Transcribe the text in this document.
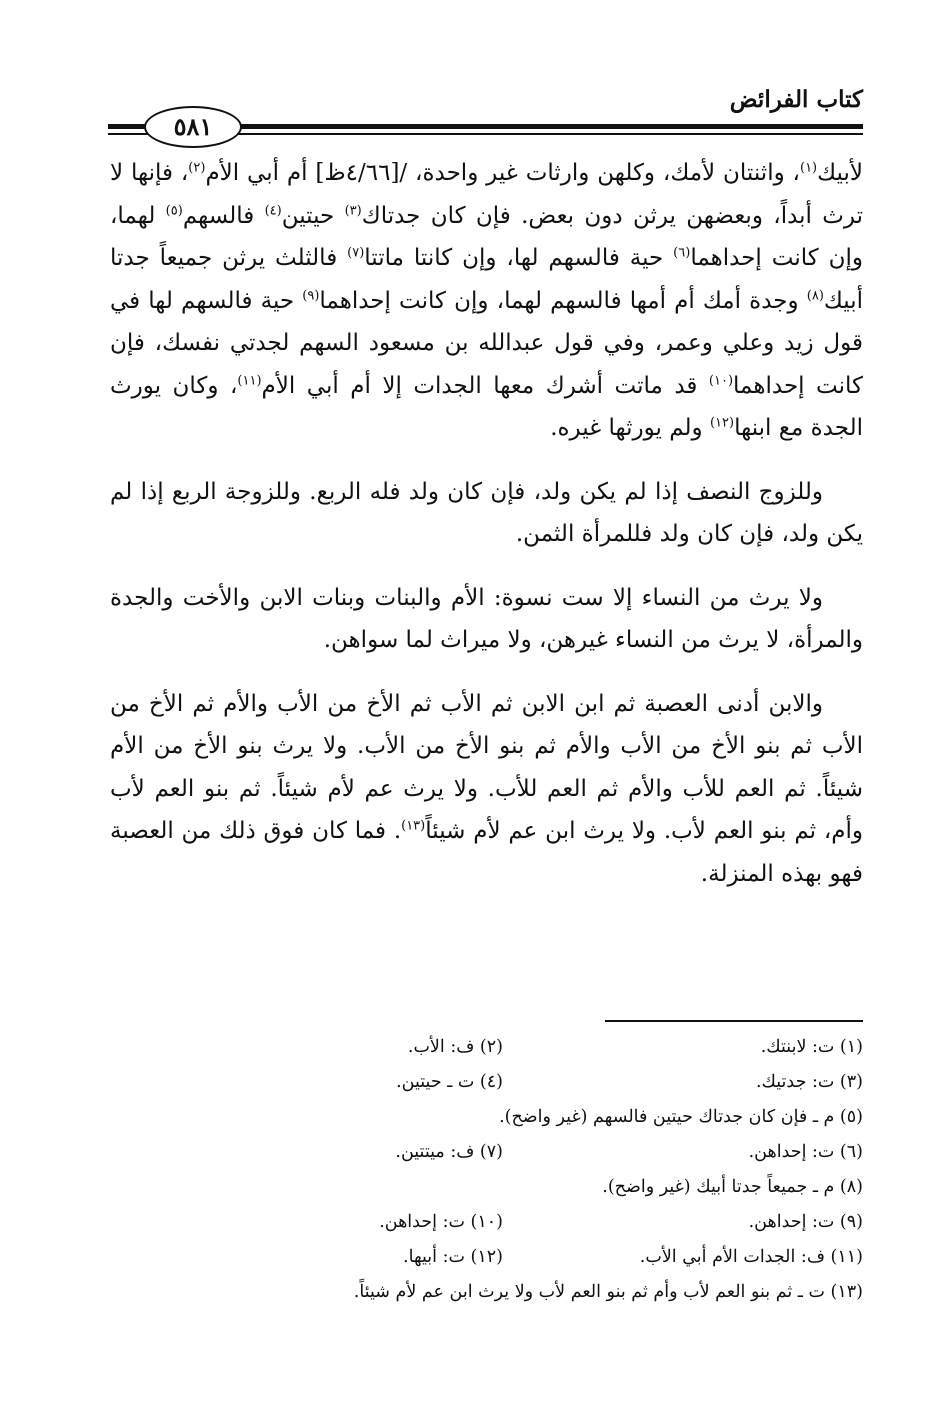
كتاب الفرائض
٥٨١

لأبيك$^{(١)}$، واثنتان لأمك، وكلهن وارثات غير واحدة، /[٤/٦٦ظ] أم أبي الأم$^{(٢)}$، فإنها لا ترث أبداً، وبعضهن يرثن دون بعض. فإن كان جدتاك$^{(٣)}$ حيتين$^{(٤)}$ فالسهم$^{(٥)}$ لهما، وإن كانت إحداهما$^{(٦)}$ حية فالسهم لها، وإن كانتا ماتتا$^{(٧)}$ فالثلث يرثن جميعاً جدتا أبيك$^{(٨)}$ وجدة أمك أم أمها فالسهم لهما، وإن كانت إحداهما$^{(٩)}$ حية فالسهم لها في قول زيد وعلي وعمر، وفي قول عبدالله بن مسعود السهم لجدتي نفسك، فإن كانت إحداهما$^{(١٠)}$ قد ماتت أشرك معها الجدات إلا أم أبي الأم$^{(١١)}$، وكان يورث الجدة مع ابنها$^{(١٢)}$ ولم يورثها غيره.

وللزوج النصف إذا لم يكن ولد، فإن كان ولد فله الربع. وللزوجة الربع إذا لم يكن ولد، فإن كان ولد فللمرأة الثمن.

ولا يرث من النساء إلا ست نسوة: الأم والبنات وبنات الابن والأخت والجدة والمرأة، لا يرث من النساء غيرهن، ولا ميراث لما سواهن.

والابن أدنى العصبة ثم ابن الابن ثم الأب ثم الأخ من الأب والأم ثم الأخ من الأب ثم بنو الأخ من الأب والأم ثم بنو الأخ من الأب. ولا يرث بنو الأخ من الأم شيئاً. ثم العم للأب والأم ثم العم للأب. ولا يرث عم لأم شيئاً. ثم بنو العم لأب وأم، ثم بنو العم لأب. ولا يرث ابن عم لأم شيئاً$^{(١٣)}$. فما كان فوق ذلك من العصبة فهو بهذه المنزلة.

(١) ت: لابنتك.
(٢) ف: الأب.
(٣) ت: جدتيك.
(٤) ت ـ حيتين.
(٥) م ـ فإن كان جدتاك حيتين فالسهم (غير واضح).
(٦) ت: إحداهن.
(٧) ف: ميتتين.
(٨) م ـ جميعاً جدتا أبيك (غير واضح).
(٩) ت: إحداهن.
(١٠) ت: إحداهن.
(١١) ف: الجدات الأم أبي الأب.
(١٢) ت: أبيها.
(١٣) ت ـ ثم بنو العم لأب وأم ثم بنو العم لأب ولا يرث ابن عم لأم شيئاً.
